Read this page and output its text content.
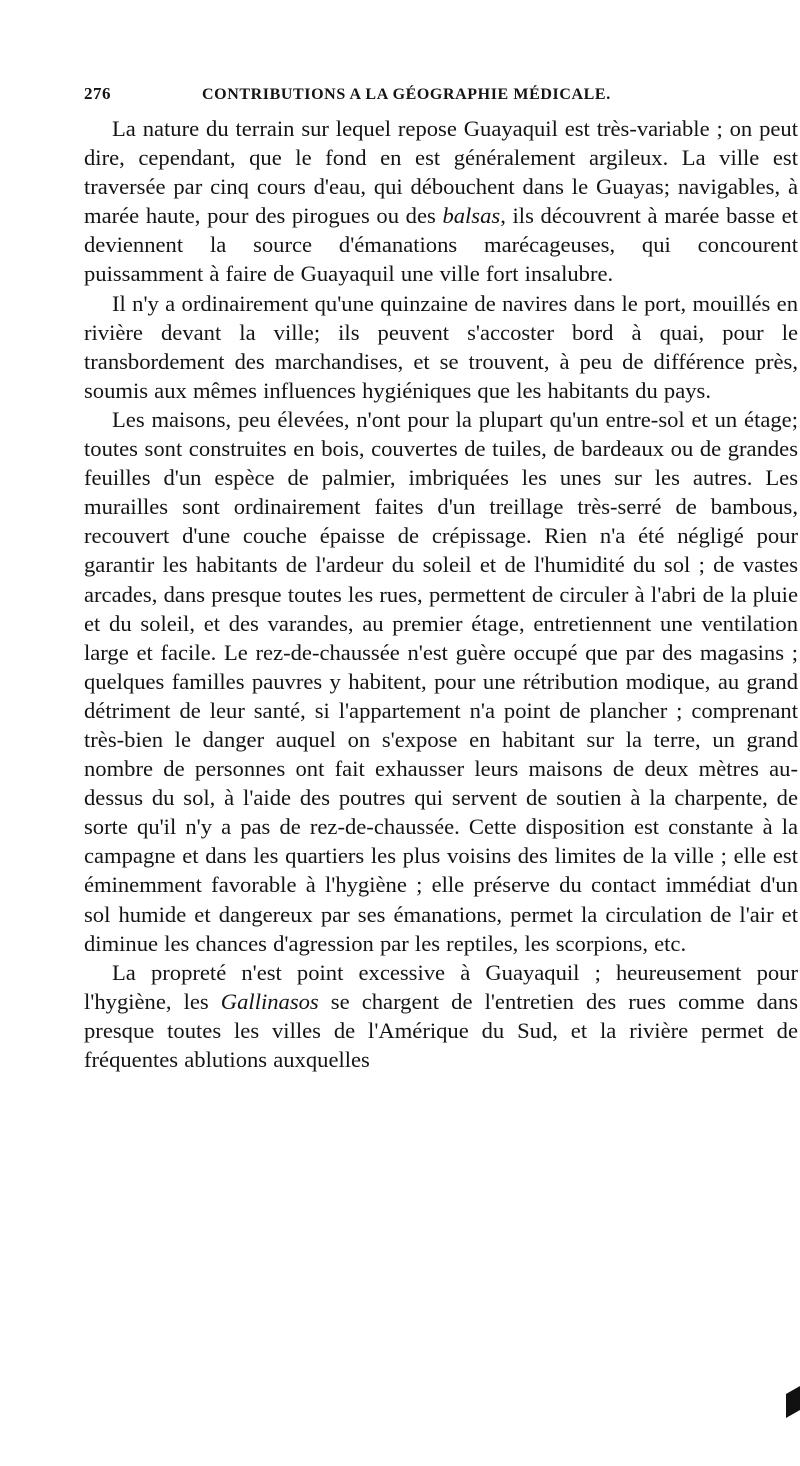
276	CONTRIBUTIONS A LA GÉOGRAPHIE MÉDICALE.

La nature du terrain sur lequel repose Guayaquil est très-variable ; on peut dire, cependant, que le fond en est généralement argileux. La ville est traversée par cinq cours d'eau, qui débouchent dans le Guayas; navigables, à marée haute, pour des pirogues ou des balsas, ils découvrent à marée basse et deviennent la source d'émanations marécageuses, qui concourent puissamment à faire de Guayaquil une ville fort insalubre.

Il n'y a ordinairement qu'une quinzaine de navires dans le port, mouillés en rivière devant la ville; ils peuvent s'accoster bord à quai, pour le transbordement des marchandises, et se trouvent, à peu de différence près, soumis aux mêmes influences hygiéniques que les habitants du pays.

Les maisons, peu élevées, n'ont pour la plupart qu'un entre-sol et un étage; toutes sont construites en bois, couvertes de tuiles, de bardeaux ou de grandes feuilles d'un espèce de palmier, imbriquées les unes sur les autres. Les murailles sont ordinairement faites d'un treillage très-serré de bambous, recouvert d'une couche épaisse de crépissage. Rien n'a été négligé pour garantir les habitants de l'ardeur du soleil et de l'humidité du sol ; de vastes arcades, dans presque toutes les rues, permettent de circuler à l'abri de la pluie et du soleil, et des varandes, au premier étage, entretiennent une ventilation large et facile. Le rez-de-chaussée n'est guère occupé que par des magasins ; quelques familles pauvres y habitent, pour une rétribution modique, au grand détriment de leur santé, si l'appartement n'a point de plancher ; comprenant très-bien le danger auquel on s'expose en habitant sur la terre, un grand nombre de personnes ont fait exhausser leurs maisons de deux mètres au-dessus du sol, à l'aide des poutres qui servent de soutien à la charpente, de sorte qu'il n'y a pas de rez-de-chaussée. Cette disposition est constante à la campagne et dans les quartiers les plus voisins des limites de la ville ; elle est éminemment favorable à l'hygiène ; elle préserve du contact immédiat d'un sol humide et dangereux par ses émanations, permet la circulation de l'air et diminue les chances d'agression par les reptiles, les scorpions, etc.

La propreté n'est point excessive à Guayaquil ; heureusement pour l'hygiène, les Gallinasos se chargent de l'entretien des rues comme dans presque toutes les villes de l'Amérique du Sud, et la rivière permet de fréquentes ablutions auxquelles
